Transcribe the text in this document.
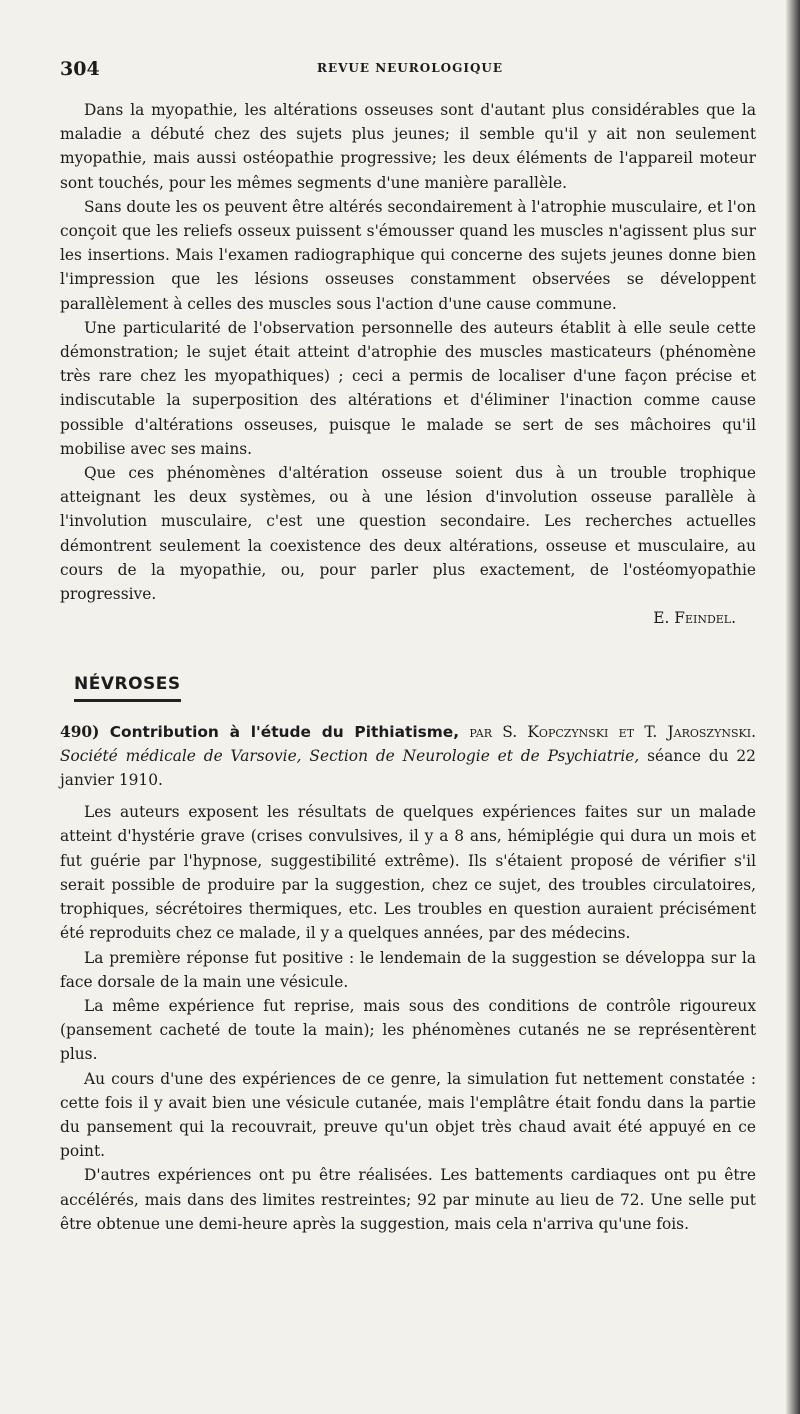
304	REVUE NEUROLOGIQUE

Dans la myopathie, les altérations osseuses sont d'autant plus considérables que la maladie a débuté chez des sujets plus jeunes; il semble qu'il y ait non seulement myopathie, mais aussi ostéopathie progressive; les deux éléments de l'appareil moteur sont touchés, pour les mêmes segments d'une manière parallèle.

Sans doute les os peuvent être altérés secondairement à l'atrophie musculaire, et l'on conçoit que les reliefs osseux puissent s'émousser quand les muscles n'agissent plus sur les insertions. Mais l'examen radiographique qui concerne des sujets jeunes donne bien l'impression que les lésions osseuses constamment observées se développent parallèlement à celles des muscles sous l'action d'une cause commune.

Une particularité de l'observation personnelle des auteurs établit à elle seule cette démonstration; le sujet était atteint d'atrophie des muscles masticateurs (phénomène très rare chez les myopathiques) ; ceci a permis de localiser d'une façon précise et indiscutable la superposition des altérations et d'éliminer l'inaction comme cause possible d'altérations osseuses, puisque le malade se sert de ses mâchoires qu'il mobilise avec ses mains.

Que ces phénomènes d'altération osseuse soient dus à un trouble trophique atteignant les deux systèmes, ou à une lésion d'involution osseuse parallèle à l'involution musculaire, c'est une question secondaire. Les recherches actuelles démontrent seulement la coexistence des deux altérations, osseuse et musculaire, au cours de la myopathie, ou, pour parler plus exactement, de l'ostéomyopathie progressive.

E. Feindel.

NÉVROSES

490) Contribution à l'étude du Pithiatisme, par S. Kopczynski et T. Jaroszynski. Société médicale de Varsovie, Section de Neurologie et de Psychiatrie, séance du 22 janvier 1910.

Les auteurs exposent les résultats de quelques expériences faites sur un malade atteint d'hystérie grave (crises convulsives, il y a 8 ans, hémiplégie qui dura un mois et fut guérie par l'hypnose, suggestibilité extrême). Ils s'étaient proposé de vérifier s'il serait possible de produire par la suggestion, chez ce sujet, des troubles circulatoires, trophiques, sécrétoires thermiques, etc. Les troubles en question auraient précisément été reproduits chez ce malade, il y a quelques années, par des médecins.

La première réponse fut positive : le lendemain de la suggestion se développa sur la face dorsale de la main une vésicule.

La même expérience fut reprise, mais sous des conditions de contrôle rigoureux (pansement cacheté de toute la main); les phénomènes cutanés ne se représentèrent plus.

Au cours d'une des expériences de ce genre, la simulation fut nettement constatée : cette fois il y avait bien une vésicule cutanée, mais l'emplâtre était fondu dans la partie du pansement qui la recouvrait, preuve qu'un objet très chaud avait été appuyé en ce point.

D'autres expériences ont pu être réalisées. Les battements cardiaques ont pu être accélérés, mais dans des limites restreintes; 92 par minute au lieu de 72. Une selle put être obtenue une demi-heure après la suggestion, mais cela n'arriva qu'une fois.
